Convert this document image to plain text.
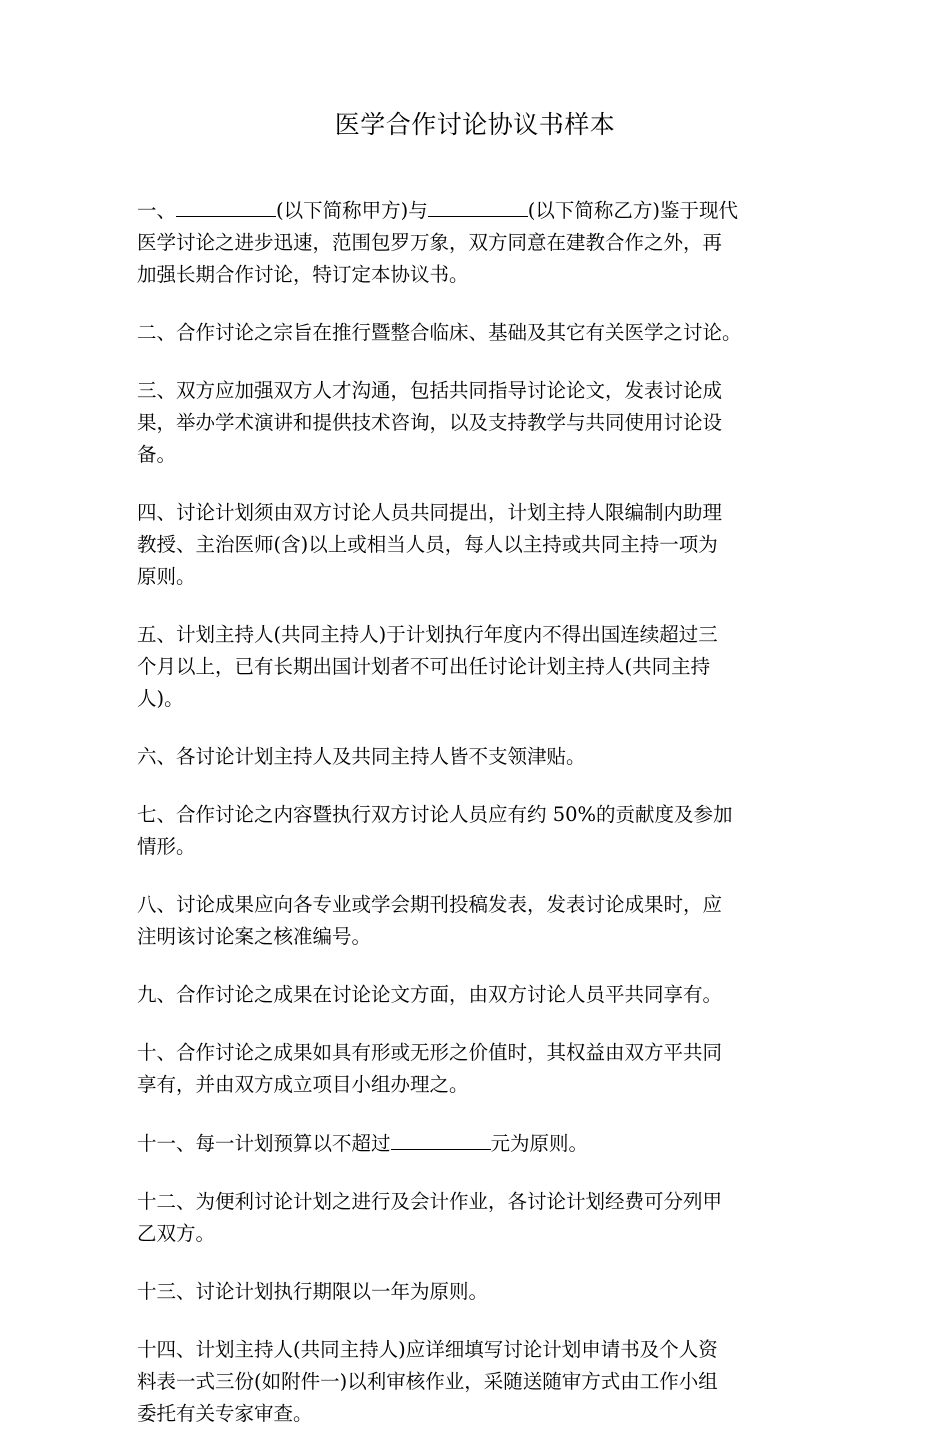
医学合作讨论协议书样本
一、	(以下简称甲方)与	(以下简称乙方)鉴于现代
医学讨论之进步迅速，范围包罗万象，双方同意在建教合作之外，再
加强长期合作讨论，特订定本协议书。
二、合作讨论之宗旨在推行暨整合临床、基础及其它有关医学之讨论。
三、双方应加强双方人才沟通，包括共同指导讨论论文，发表讨论成
果，举办学术演讲和提供技术咨询，以及支持教学与共同使用讨论设
备。
四、讨论计划须由双方讨论人员共同提出，计划主持人限编制内助理
教授、主治医师(含)以上或相当人员，每人以主持或共同主持一项为
原则。
五、计划主持人(共同主持人)于计划执行年度内不得出国连续超过三
个月以上，已有长期出国计划者不可出任讨论计划主持人(共同主持
人)。
六、各讨论计划主持人及共同主持人皆不支领津贴。
七、合作讨论之内容暨执行双方讨论人员应有约 50%的贡献度及参加
情形。
八、讨论成果应向各专业或学会期刊投稿发表，发表讨论成果时，应
注明该讨论案之核准编号。
九、合作讨论之成果在讨论论文方面，由双方讨论人员平共同享有。
十、合作讨论之成果如具有形或无形之价值时，其权益由双方平共同
享有，并由双方成立项目小组办理之。
十一、每一计划预算以不超过	元为原则。
十二、为便利讨论计划之进行及会计作业，各讨论计划经费可分列甲
乙双方。
十三、讨论计划执行期限以一年为原则。
十四、计划主持人(共同主持人)应详细填写讨论计划申请书及个人资
料表一式三份(如附件一)以利审核作业，采随送随审方式由工作小组
委托有关专家审查。
